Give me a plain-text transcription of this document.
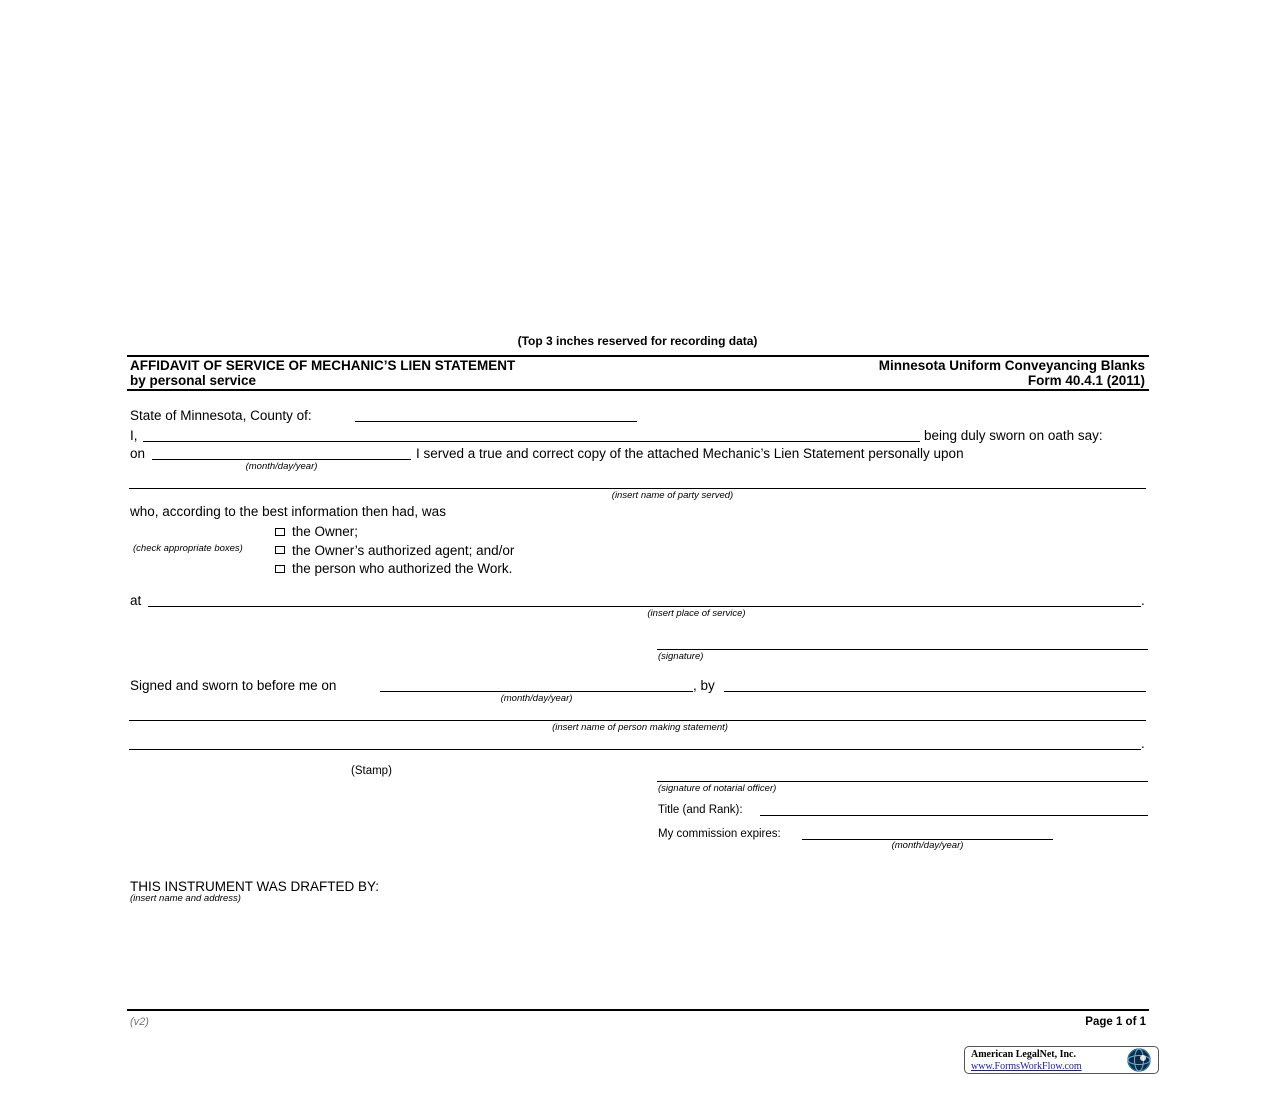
(Top 3 inches reserved for recording data)
AFFIDAVIT OF SERVICE OF MECHANIC’S LIEN STATEMENT
by personal service
Minnesota Uniform Conveyancing Blanks
Form 40.4.1 (2011)
State of Minnesota, County of:
I,	being duly sworn on oath say:
on	I served a true and correct copy of the attached Mechanic’s Lien Statement personally upon
(month/day/year)
(insert name of party served)
who, according to the best information then had, was
the Owner;
(check appropriate boxes)	the Owner’s authorized agent; and/or
the person who authorized the Work.
at	.
(insert place of service)
(signature)
Signed and sworn to before me on	, by
(month/day/year)
(insert name of person making statement)
.
(Stamp)
(signature of notarial officer)
Title (and Rank):
My commission expires:
(month/day/year)
THIS INSTRUMENT WAS DRAFTED BY:
(insert name and address)
(v2)	Page 1 of 1
American LegalNet, Inc.
www.FormsWorkFlow.com
